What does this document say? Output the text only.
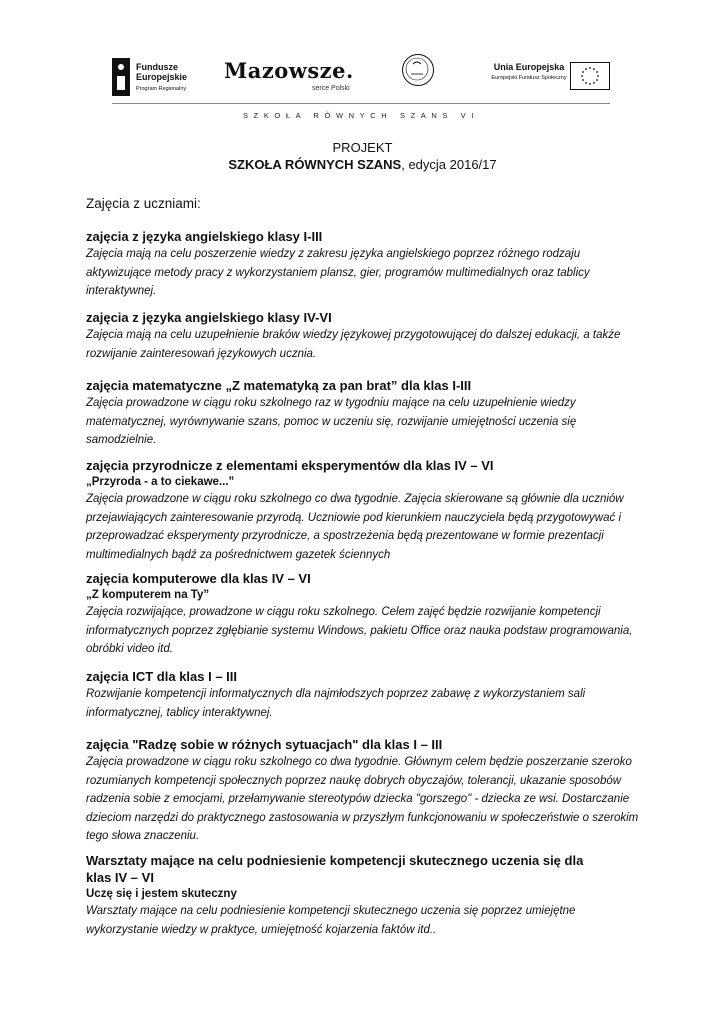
Fundusze
Europejskie
Program Regionalny
Mazowsze.
serce Polski
Unia Europejska
Europejski Fundusz Społeczny
SZKOŁA RÓWNYCH SZANS VI
PROJEKT
SZKOŁA RÓWNYCH SZANS, edycja 2016/17
Zajęcia z uczniami:
zajęcia z języka angielskiego klasy I-III
Zajęcia mają na celu poszerzenie wiedzy z zakresu języka angielskiego poprzez różnego rodzaju aktywizujące metody pracy z wykorzystaniem plansz, gier, programów multimedialnych oraz tablicy interaktywnej.
zajęcia z języka angielskiego klasy IV-VI
Zajęcia mają na celu uzupełnienie braków wiedzy językowej przygotowującej do dalszej edukacji, a także rozwijanie zainteresowań językowych ucznia.
zajęcia matematyczne „Z matematyką za pan brat” dla klas I-III
Zajęcia prowadzone w ciągu roku szkolnego raz w tygodniu mające na celu uzupełnienie wiedzy matematycznej, wyrównywanie szans, pomoc w uczeniu się, rozwijanie umiejętności uczenia się samodzielnie.
zajęcia przyrodnicze z elementami eksperymentów dla klas IV – VI
„Przyroda - a to ciekawe...”
Zajęcia prowadzone w ciągu roku szkolnego co dwa tygodnie. Zajęcia skierowane są głównie dla uczniów przejawiających zainteresowanie przyrodą. Uczniowie pod kierunkiem nauczyciela będą przygotowywać i przeprowadzać eksperymenty przyrodnicze, a spostrzeżenia będą prezentowane w formie prezentacji multimedialnych bądź za pośrednictwem gazetek ściennych
zajęcia komputerowe dla klas IV – VI
„Z komputerem na Ty”
Zajęcia rozwijające, prowadzone w ciągu roku szkolnego. Celem zajęć będzie rozwijanie kompetencji informatycznych poprzez zgłębianie systemu Windows, pakietu Office oraz nauka podstaw programowania, obróbki video itd.
zajęcia ICT dla klas I – III
Rozwijanie kompetencji informatycznych dla najmłodszych poprzez zabawę z wykorzystaniem sali informatycznej, tablicy interaktywnej.
zajęcia "Radzę sobie w różnych sytuacjach" dla klas I – III
Zajęcia prowadzone w ciągu roku szkolnego co dwa tygodnie. Głównym celem będzie poszerzanie szeroko rozumianych kompetencji społecznych poprzez naukę dobrych obyczajów, tolerancji, ukazanie sposobów radzenia sobie z emocjami, przełamywanie stereotypów dziecka "gorszego" - dziecka ze wsi. Dostarczanie dzieciom narzędzi do praktycznego zastosowania w przyszłym funkcjonowaniu w społeczeństwie o szerokim tego słowa znaczeniu.
Warsztaty mające na celu podniesienie kompetencji skutecznego uczenia się dla klas IV – VI
Uczę się i jestem skuteczny
Warsztaty mające na celu podniesienie kompetencji skutecznego uczenia się poprzez umiejętne wykorzystanie wiedzy w praktyce, umiejętność kojarzenia faktów itd..
